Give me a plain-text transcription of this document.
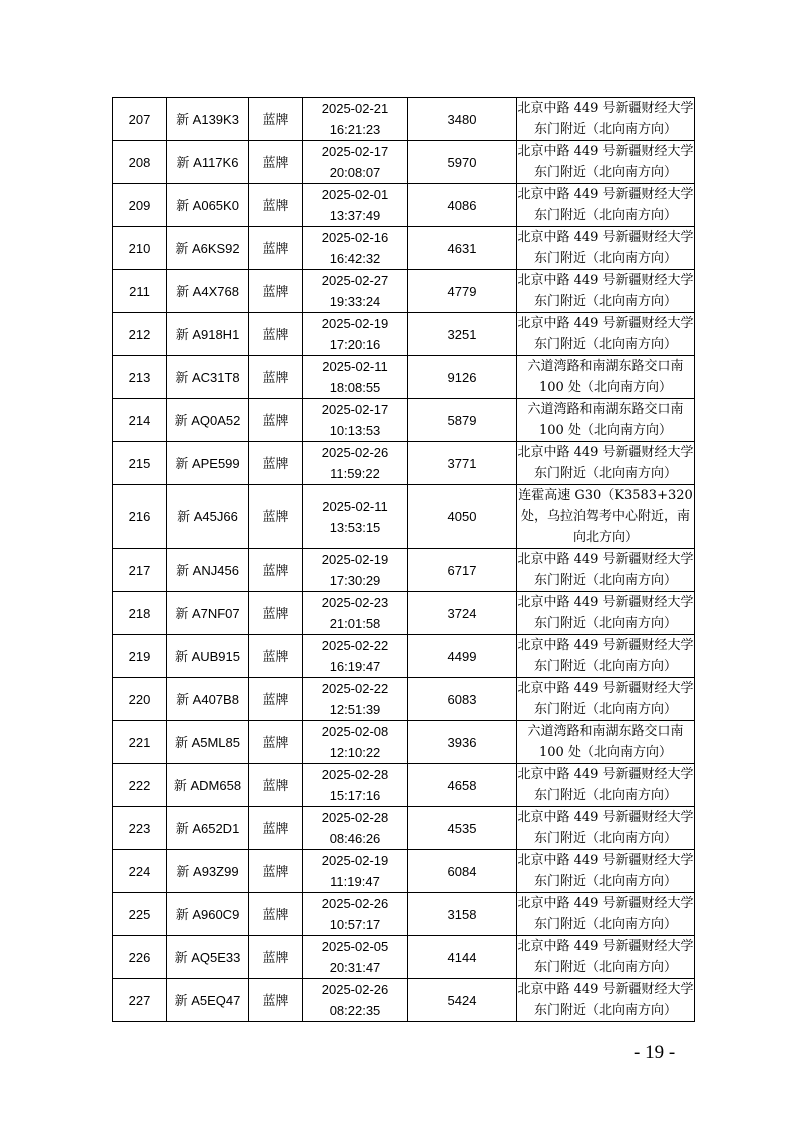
207	新 A139K3	蓝牌	2025-02-21
16:21:23	3480	北京中路 449 号新疆财经大学
东门附近（北向南方向）

208	新 A117K6	蓝牌	2025-02-17
20:08:07	5970	北京中路 449 号新疆财经大学
东门附近（北向南方向）

209	新 A065K0	蓝牌	2025-02-01
13:37:49	4086	北京中路 449 号新疆财经大学
东门附近（北向南方向）

210	新 A6KS92	蓝牌	2025-02-16
16:42:32	4631	北京中路 449 号新疆财经大学
东门附近（北向南方向）

211	新 A4X768	蓝牌	2025-02-27
19:33:24	4779	北京中路 449 号新疆财经大学
东门附近（北向南方向）

212	新 A918H1	蓝牌	2025-02-19
17:20:16	3251	北京中路 449 号新疆财经大学
东门附近（北向南方向）

213	新 AC31T8	蓝牌	2025-02-11
18:08:55	9126	六道湾路和南湖东路交口南
100 处（北向南方向）

214	新 AQ0A52	蓝牌	2025-02-17
10:13:53	5879	六道湾路和南湖东路交口南
100 处（北向南方向）

215	新 APE599	蓝牌	2025-02-26
11:59:22	3771	北京中路 449 号新疆财经大学
东门附近（北向南方向）

216	新 A45J66	蓝牌	2025-02-11
13:53:15	4050	连霍高速 G30（K3583+320
处，乌拉泊驾考中心附近，南
向北方向）

217	新 ANJ456	蓝牌	2025-02-19
17:30:29	6717	北京中路 449 号新疆财经大学
东门附近（北向南方向）

218	新 A7NF07	蓝牌	2025-02-23
21:01:58	3724	北京中路 449 号新疆财经大学
东门附近（北向南方向）

219	新 AUB915	蓝牌	2025-02-22
16:19:47	4499	北京中路 449 号新疆财经大学
东门附近（北向南方向）

220	新 A407B8	蓝牌	2025-02-22
12:51:39	6083	北京中路 449 号新疆财经大学
东门附近（北向南方向）

221	新 A5ML85	蓝牌	2025-02-08
12:10:22	3936	六道湾路和南湖东路交口南
100 处（北向南方向）

222	新 ADM658	蓝牌	2025-02-28
15:17:16	4658	北京中路 449 号新疆财经大学
东门附近（北向南方向）

223	新 A652D1	蓝牌	2025-02-28
08:46:26	4535	北京中路 449 号新疆财经大学
东门附近（北向南方向）

224	新 A93Z99	蓝牌	2025-02-19
11:19:47	6084	北京中路 449 号新疆财经大学
东门附近（北向南方向）

225	新 A960C9	蓝牌	2025-02-26
10:57:17	3158	北京中路 449 号新疆财经大学
东门附近（北向南方向）

226	新 AQ5E33	蓝牌	2025-02-05
20:31:47	4144	北京中路 449 号新疆财经大学
东门附近（北向南方向）

227	新 A5EQ47	蓝牌	2025-02-26
08:22:35	5424	北京中路 449 号新疆财经大学
东门附近（北向南方向）
- 19 -
